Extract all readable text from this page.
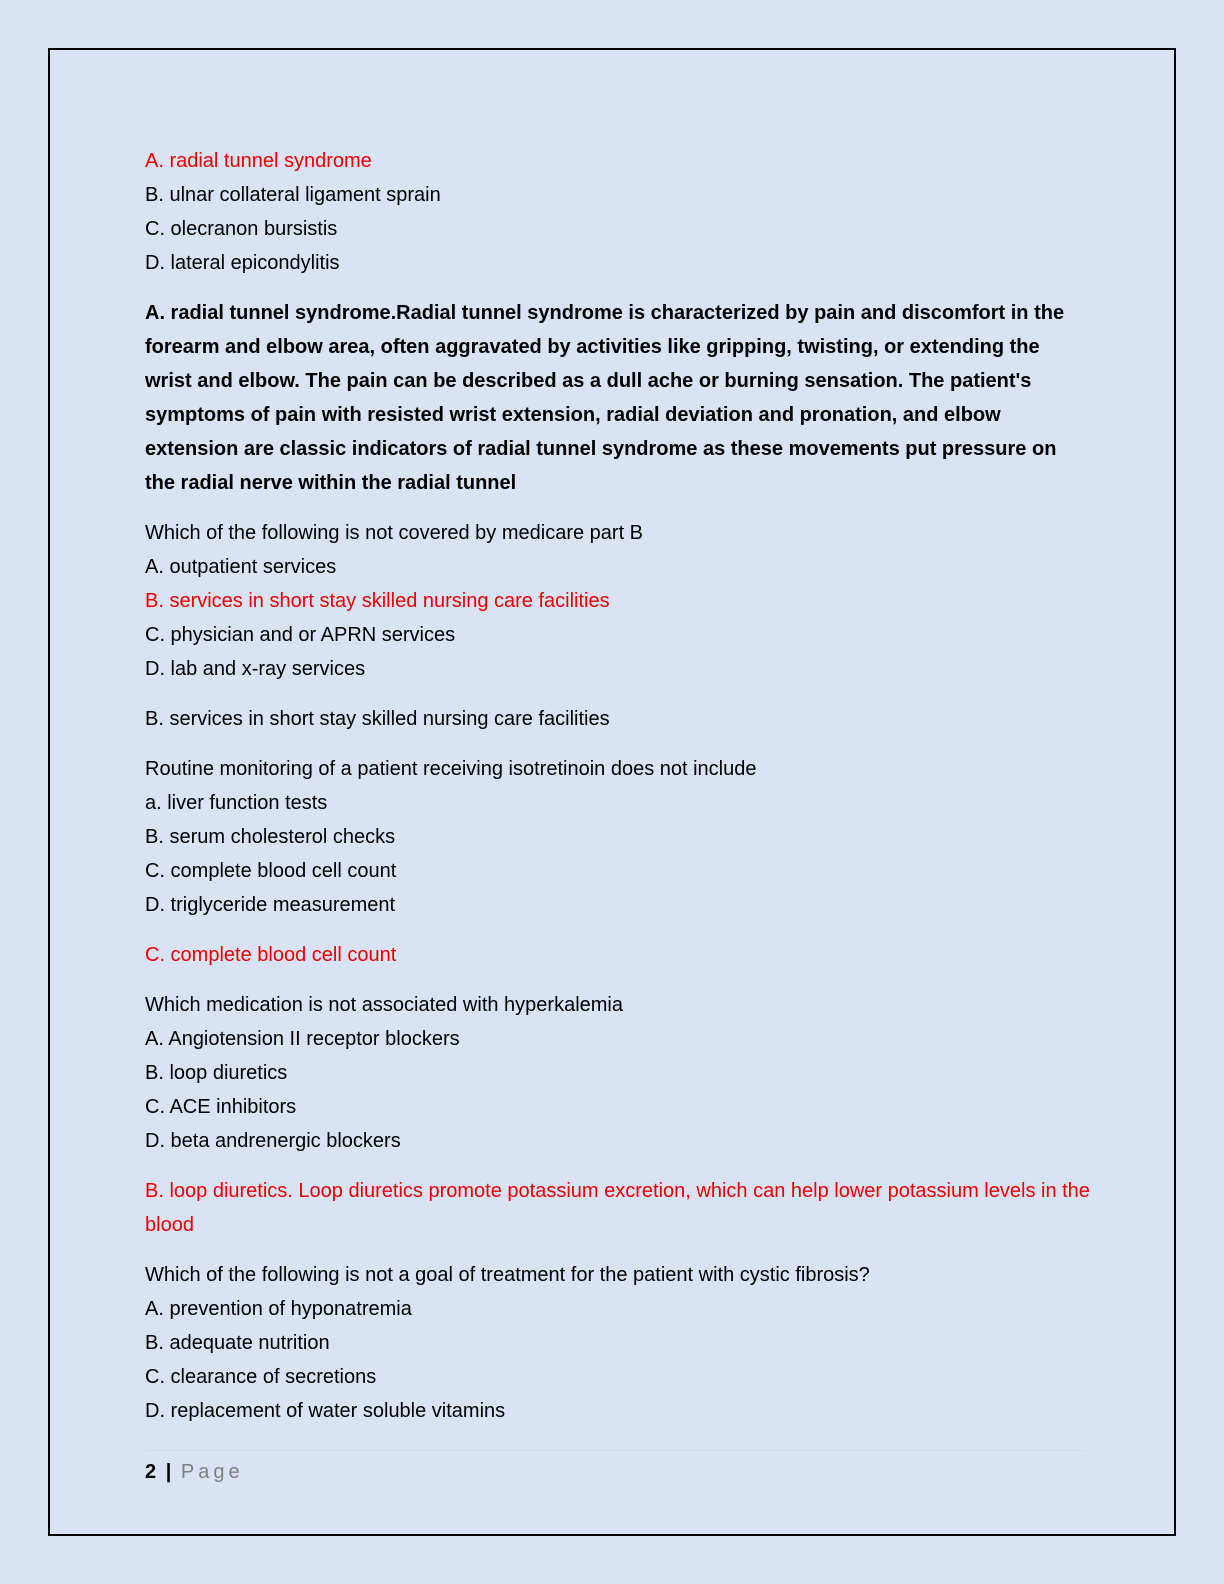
A. radial tunnel syndrome
B. ulnar collateral ligament sprain
C. olecranon bursistis
D. lateral epicondylitis
A. radial tunnel syndrome.Radial tunnel syndrome is characterized by pain and discomfort in the forearm and elbow area, often aggravated by activities like gripping, twisting, or extending the wrist and elbow. The pain can be described as a dull ache or burning sensation. The patient's symptoms of pain with resisted wrist extension, radial deviation and pronation, and elbow extension are classic indicators of radial tunnel syndrome as these movements put pressure on the radial nerve within the radial tunnel
Which of the following is not covered by medicare part B
A. outpatient services
B. services in short stay skilled nursing care facilities
C. physician and or APRN services
D. lab and x-ray services
B. services in short stay skilled nursing care facilities
Routine monitoring of a patient receiving isotretinoin does not include
a. liver function tests
B. serum cholesterol checks
C. complete blood cell count
D. triglyceride measurement
C. complete blood cell count
Which medication is not associated with hyperkalemia
A. Angiotension II receptor blockers
B. loop diuretics
C. ACE inhibitors
D. beta andrenergic blockers
B. loop diuretics. Loop diuretics promote potassium excretion, which can help lower potassium levels in the blood
Which of the following is not a goal of treatment for the patient with cystic fibrosis?
A. prevention of hyponatremia
B. adequate nutrition
C. clearance of secretions
D. replacement of water soluble vitamins
2 | Page
